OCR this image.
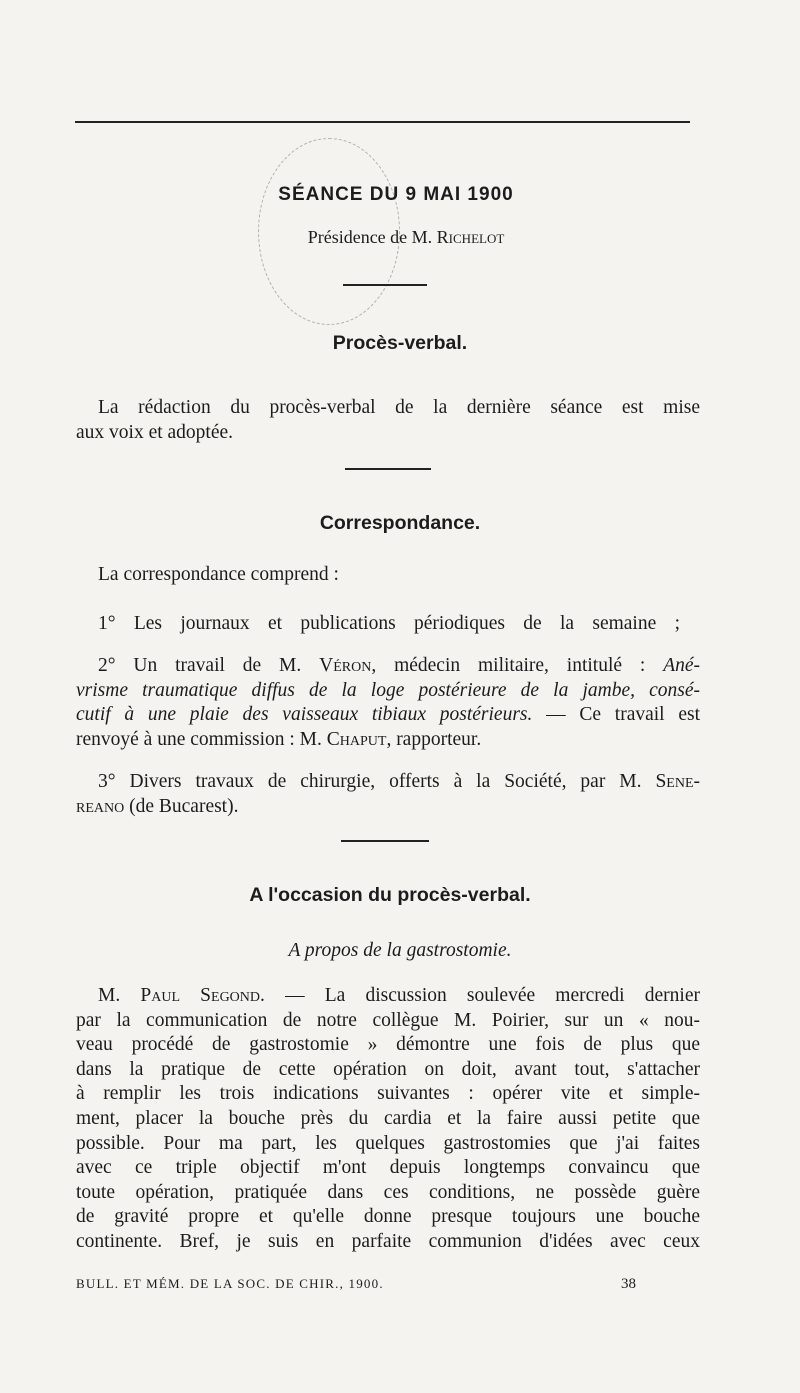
SÉANCE DU 9 MAI 1900
Présidence de M. Richelot
Procès-verbal.
La rédaction du procès-verbal de la dernière séance est mise
aux voix et adoptée.
Correspondance.
La correspondance comprend :
1° Les journaux et publications périodiques de la semaine ;
2° Un travail de M. Véron, médecin militaire, intitulé : Ané-
vrisme traumatique diffus de la loge postérieure de la jambe, consé-
cutif à une plaie des vaisseaux tibiaux postérieurs. — Ce travail est
renvoyé à une commission : M. Chaput, rapporteur.
3° Divers travaux de chirurgie, offerts à la Société, par M. Sene-
reano (de Bucarest).
A l'occasion du procès-verbal.
A propos de la gastrostomie.
M. Paul Segond. — La discussion soulevée mercredi dernier
par la communication de notre collègue M. Poirier, sur un « nou-
veau procédé de gastrostomie » démontre une fois de plus que
dans la pratique de cette opération on doit, avant tout, s'attacher
à remplir les trois indications suivantes : opérer vite et simple-
ment, placer la bouche près du cardia et la faire aussi petite que
possible. Pour ma part, les quelques gastrostomies que j'ai faites
avec ce triple objectif m'ont depuis longtemps convaincu que
toute opération, pratiquée dans ces conditions, ne possède guère
de gravité propre et qu'elle donne presque toujours une bouche
continente. Bref, je suis en parfaite communion d'idées avec ceux
BULL. ET MÉM. DE LA SOC. DE CHIR., 1900.	38
